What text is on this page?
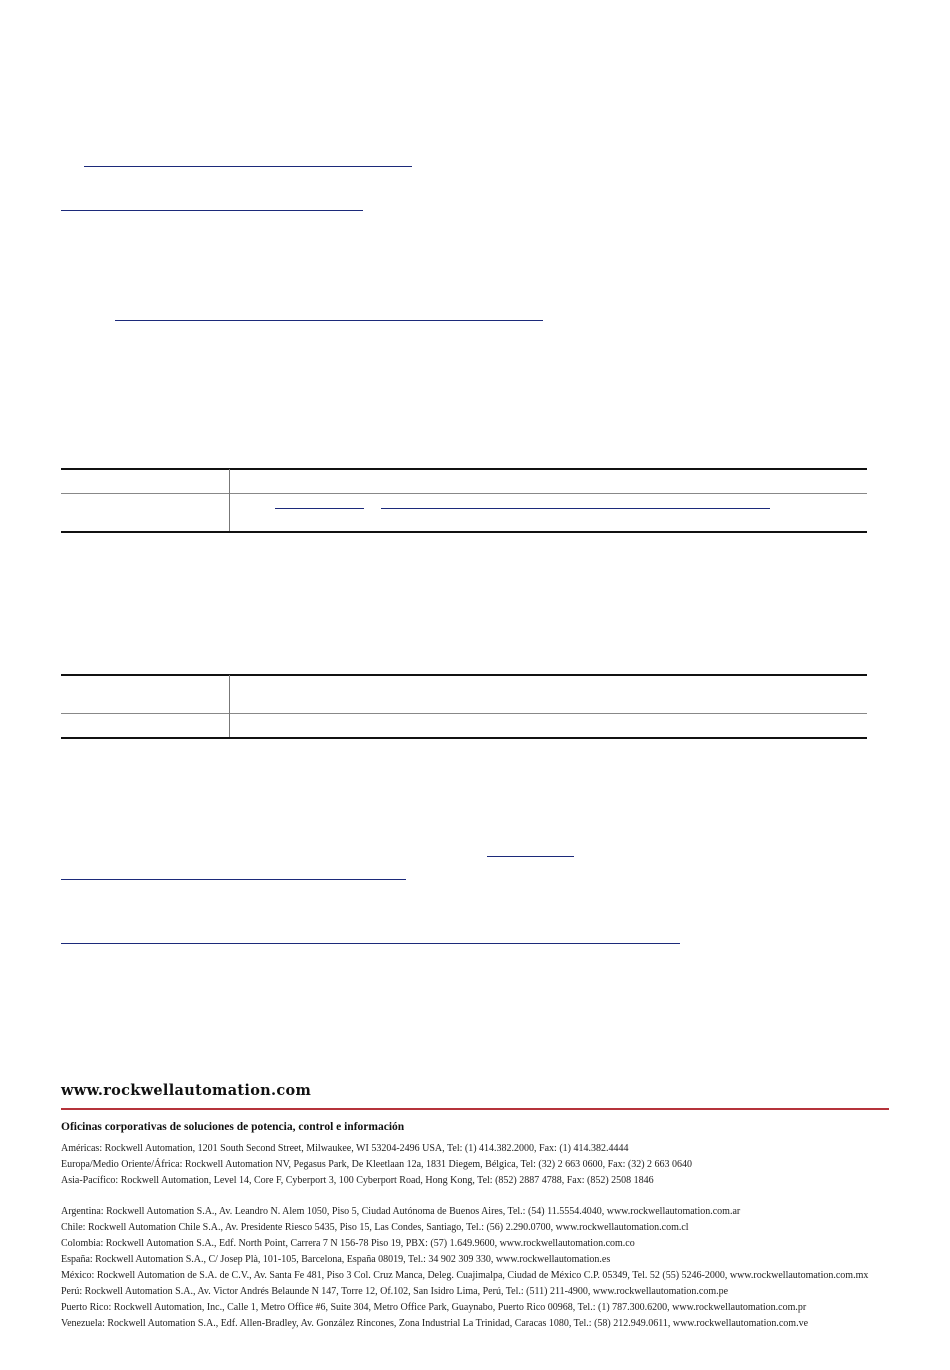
www.rockwellautomation.com
Oficinas corporativas de soluciones de potencia, control e información
Américas: Rockwell Automation, 1201 South Second Street, Milwaukee, WI 53204-2496 USA, Tel: (1) 414.382.2000, Fax: (1) 414.382.4444
Europa/Medio Oriente/África: Rockwell Automation NV, Pegasus Park, De Kleetlaan 12a, 1831 Diegem, Bélgica, Tel: (32) 2 663 0600, Fax: (32) 2 663 0640
Asia-Pacífico: Rockwell Automation, Level 14, Core F, Cyberport 3, 100 Cyberport Road, Hong Kong, Tel: (852) 2887 4788, Fax: (852) 2508 1846
Argentina: Rockwell Automation S.A., Av. Leandro N. Alem 1050, Piso 5, Ciudad Autónoma de Buenos Aires, Tel.: (54) 11.5554.4040, www.rockwellautomation.com.ar
Chile: Rockwell Automation Chile S.A., Av. Presidente Riesco 5435, Piso 15, Las Condes, Santiago, Tel.: (56) 2.290.0700, www.rockwellautomation.com.cl
Colombia: Rockwell Automation S.A., Edf. North Point, Carrera 7 N 156-78 Piso 19, PBX: (57) 1.649.9600, www.rockwellautomation.com.co
España: Rockwell Automation S.A., C/ Josep Plà, 101-105, Barcelona, España 08019, Tel.: 34 902 309 330, www.rockwellautomation.es
México: Rockwell Automation de S.A. de C.V., Av. Santa Fe 481, Piso 3 Col. Cruz Manca, Deleg. Cuajimalpa, Ciudad de México C.P. 05349, Tel. 52 (55) 5246-2000, www.rockwellautomation.com.mx
Perú: Rockwell Automation S.A., Av. Victor Andrés Belaunde N 147, Torre 12, Of.102, San Isidro Lima, Perú, Tel.: (511) 211-4900, www.rockwellautomation.com.pe
Puerto Rico: Rockwell Automation, Inc., Calle 1, Metro Office #6, Suite 304, Metro Office Park, Guaynabo, Puerto Rico 00968, Tel.: (1) 787.300.6200, www.rockwellautomation.com.pr
Venezuela: Rockwell Automation S.A., Edf. Allen-Bradley, Av. González Rincones, Zona Industrial La Trinidad, Caracas 1080, Tel.: (58) 212.949.0611, www.rockwellautomation.com.ve
